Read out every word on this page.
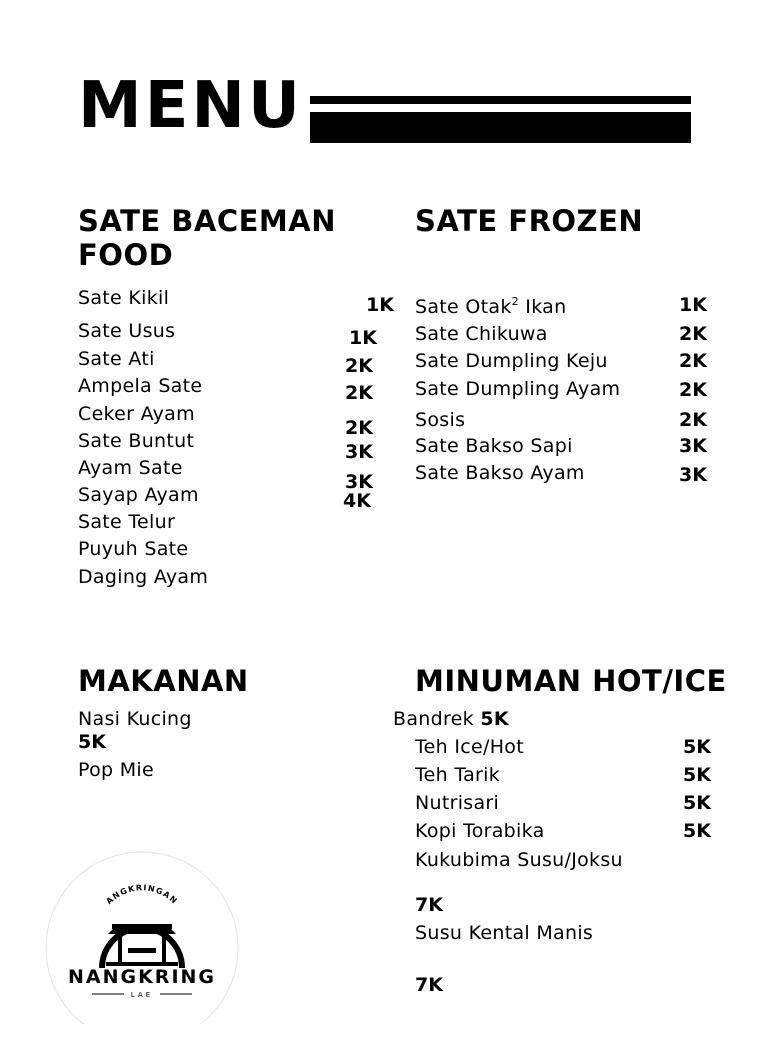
MENU
SATE BACEMAN
FOOD
Sate Kikil
Sate Usus
Sate Ati
Ampela Sate
Ceker Ayam
Sate Buntut
Ayam Sate
Sayap Ayam
Sate Telur
Puyuh Sate
Daging Ayam
1K
1K
2K
2K
2K
3K
3K
4K
SATE FROZEN
Sate Otak$^2$ Ikan
Sate Chikuwa
Sate Dumpling Keju
Sate Dumpling Ayam
Sosis
Sate Bakso Sapi
Sate Bakso Ayam
1K
2K
2K
2K
2K
3K
3K
MAKANAN
Nasi Kucing
5K
Pop Mie
MINUMAN HOT/ICE
Bandrek 5K
Teh Ice/Hot
Teh Tarik
Nutrisari
Kopi Torabika
Kukubima Susu/Joksu
7K
Susu Kental Manis
7K
5K
5K
5K
5K
ANGKRINGAN
NANGKRING
LAE
